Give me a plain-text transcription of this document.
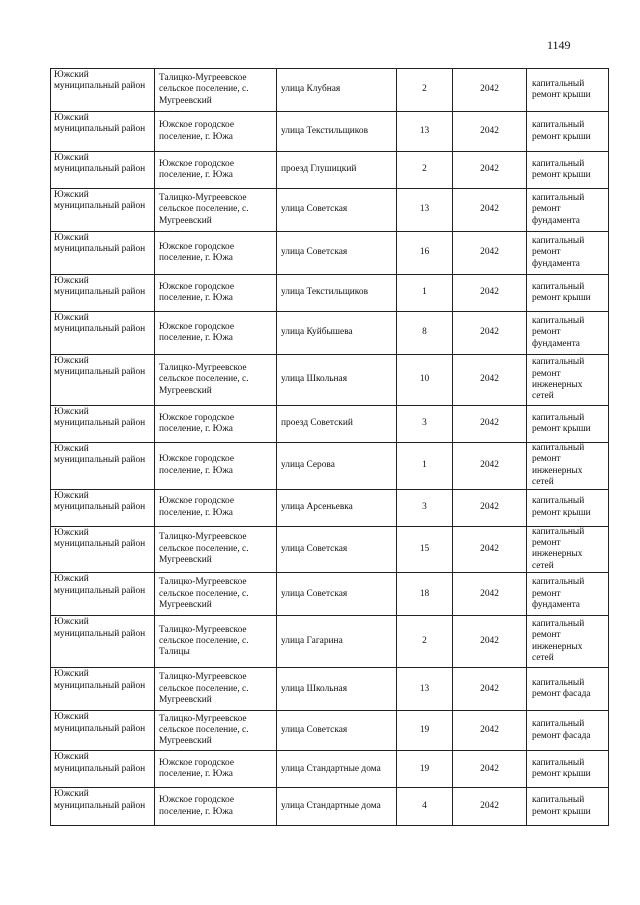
1149
Южский муниципальный район	Талицко-Мугреевское сельское поселение, с. Мугреевский	улица Клубная	2	2042	капитальный ремонт крыши
Южский муниципальный район	Южское городское поселение, г. Южа	улица Текстильщиков	13	2042	капитальный ремонт крыши
Южский муниципальный район	Южское городское поселение, г. Южа	проезд Глушицкий	2	2042	капитальный ремонт крыши
Южский муниципальный район	Талицко-Мугреевское сельское поселение, с. Мугреевский	улица Советская	13	2042	капитальный ремонт фундамента
Южский муниципальный район	Южское городское поселение, г. Южа	улица Советская	16	2042	капитальный ремонт фундамента
Южский муниципальный район	Южское городское поселение, г. Южа	улица Текстильщиков	1	2042	капитальный ремонт крыши
Южский муниципальный район	Южское городское поселение, г. Южа	улица Куйбышева	8	2042	капитальный ремонт фундамента
Южский муниципальный район	Талицко-Мугреевское сельское поселение, с. Мугреевский	улица Школьная	10	2042	капитальный ремонт инженерных сетей
Южский муниципальный район	Южское городское поселение, г. Южа	проезд Советский	3	2042	капитальный ремонт крыши
Южский муниципальный район	Южское городское поселение, г. Южа	улица Серова	1	2042	капитальный ремонт инженерных сетей
Южский муниципальный район	Южское городское поселение, г. Южа	улица Арсеньевка	3	2042	капитальный ремонт крыши
Южский муниципальный район	Талицко-Мугреевское сельское поселение, с. Мугреевский	улица Советская	15	2042	капитальный ремонт инженерных сетей
Южский муниципальный район	Талицко-Мугреевское сельское поселение, с. Мугреевский	улица Советская	18	2042	капитальный ремонт фундамента
Южский муниципальный район	Талицко-Мугреевское сельское поселение, с. Талицы	улица Гагарина	2	2042	капитальный ремонт инженерных сетей
Южский муниципальный район	Талицко-Мугреевское сельское поселение, с. Мугреевский	улица Школьная	13	2042	капитальный ремонт фасада
Южский муниципальный район	Талицко-Мугреевское сельское поселение, с. Мугреевский	улица Советская	19	2042	капитальный ремонт фасада
Южский муниципальный район	Южское городское поселение, г. Южа	улица Стандартные дома	19	2042	капитальный ремонт крыши
Южский муниципальный район	Южское городское поселение, г. Южа	улица Стандартные дома	4	2042	капитальный ремонт крыши
